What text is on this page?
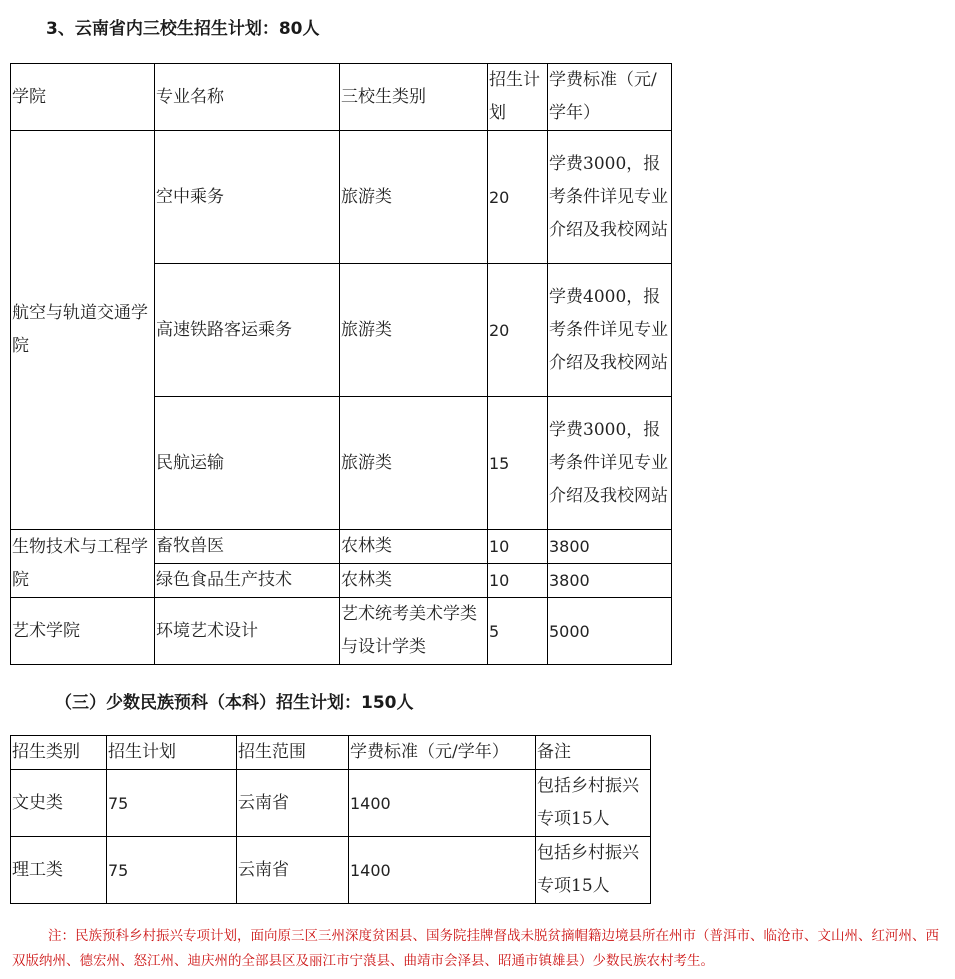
3、云南省内三校生招生计划：80人
学院	专业名称	三校生类别	招生计划	学费标准（元/学年）
航空与轨道交通学院	空中乘务	旅游类	20	学费3000，报考条件详见专业介绍及我校网站
	高速铁路客运乘务	旅游类	20	学费4000，报考条件详见专业介绍及我校网站
	民航运输	旅游类	15	学费3000，报考条件详见专业介绍及我校网站
生物技术与工程学院	畜牧兽医	农林类	10	3800
	绿色食品生产技术	农林类	10	3800
艺术学院	环境艺术设计	艺术统考美术学类与设计学类	5	5000
（三）少数民族预科（本科）招生计划：150人
招生类别	招生计划	招生范围	学费标准（元/学年）	备注
文史类	75	云南省	1400	包括乡村振兴专项15人
理工类	75	云南省	1400	包括乡村振兴专项15人
注：民族预科乡村振兴专项计划，面向原三区三州深度贫困县、国务院挂牌督战未脱贫摘帽籍边境县所在州市（普洱市、临沧市、文山州、红河州、西双版纳州、德宏州、怒江州、迪庆州的全部县区及丽江市宁蒗县、曲靖市会泽县、昭通市镇雄县）少数民族农村考生。
